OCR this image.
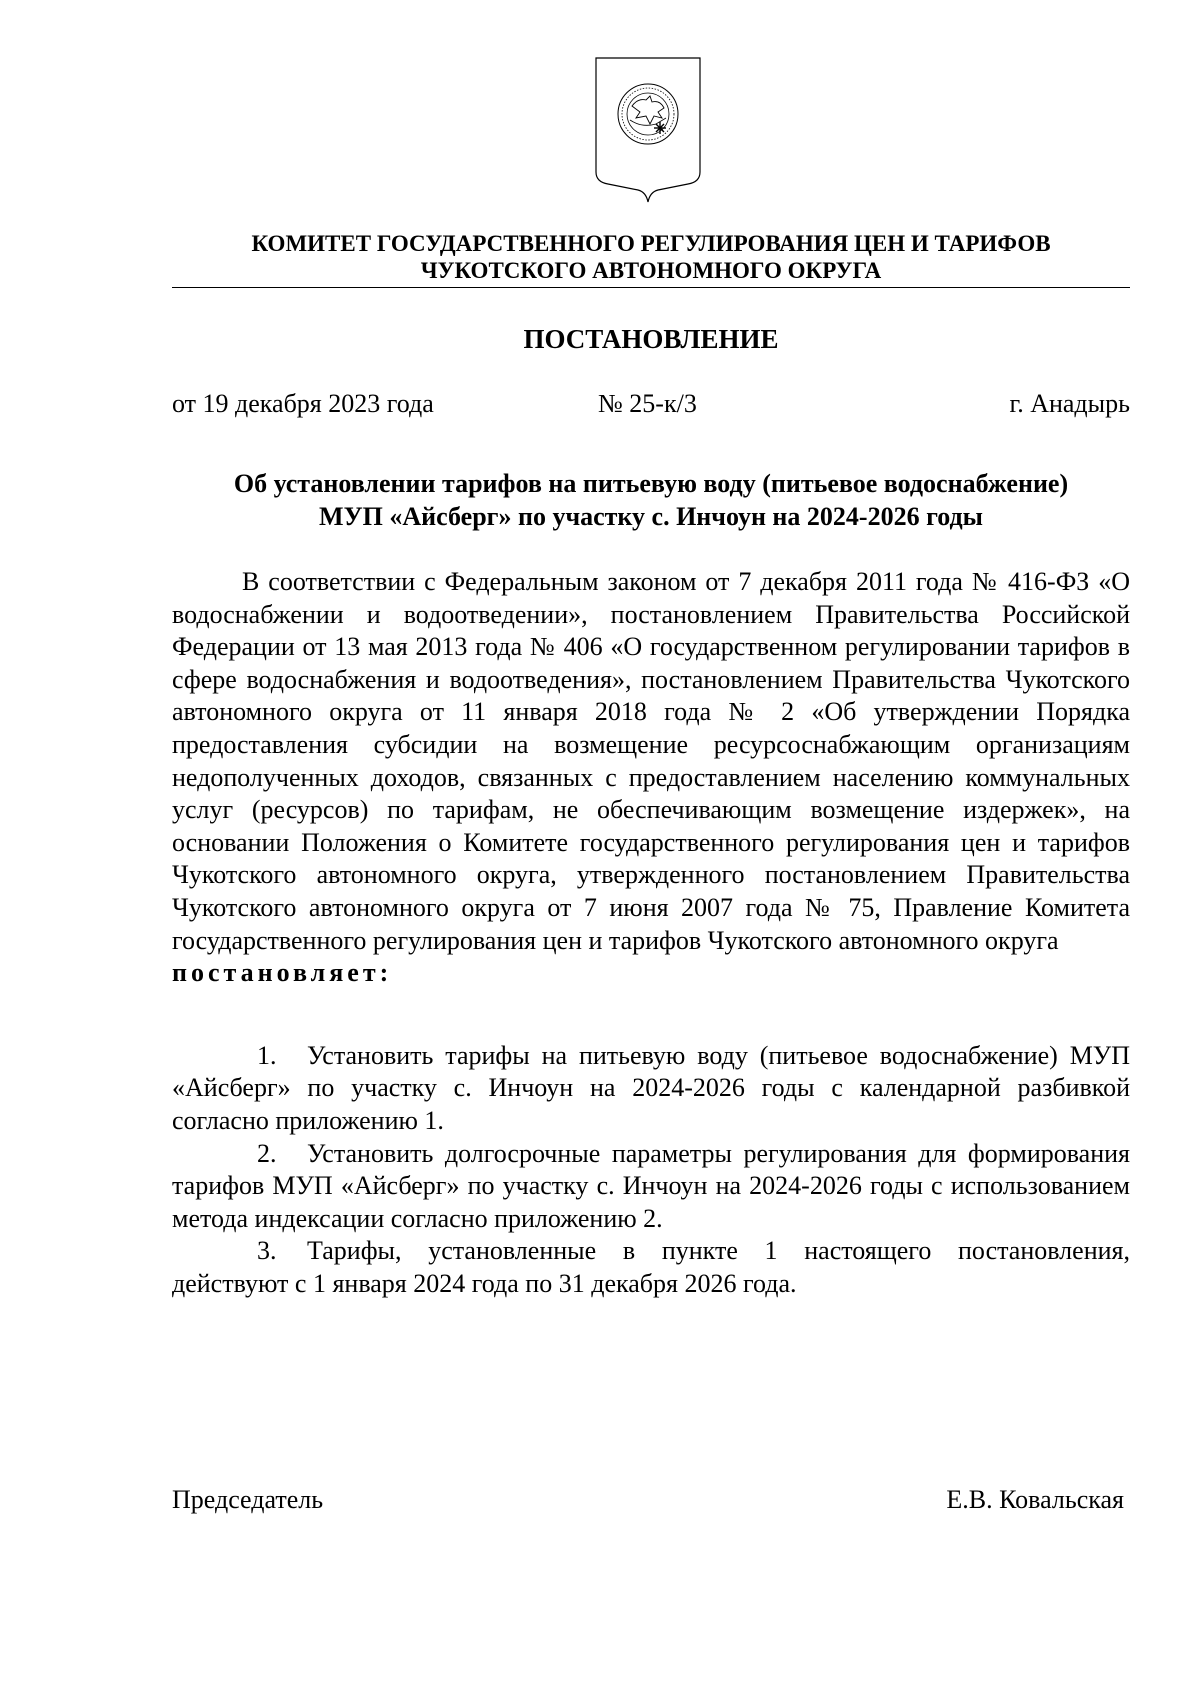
КОМИТЕТ ГОСУДАРСТВЕННОГО РЕГУЛИРОВАНИЯ ЦЕН И ТАРИФОВ
ЧУКОТСКОГО АВТОНОМНОГО ОКРУГА
ПОСТАНОВЛЕНИЕ
от 19 декабря 2023 года	№ 25-к/3	г. Анадырь
Об установлении тарифов на питьевую воду (питьевое водоснабжение)
МУП «Айсберг» по участку с. Инчоун на 2024-2026 годы

В соответствии с Федеральным законом от 7 декабря 2011 года № 416-ФЗ «О водоснабжении и водоотведении», постановлением Правительства Российской Федерации от 13 мая 2013 года № 406 «О государственном регулировании тарифов в сфере водоснабжения и водоотведения», постановлением Правительства Чукотского автономного округа от 11 января 2018 года № 2 «Об утверждении Порядка предоставления субсидии на возмещение ресурсоснабжающим организациям недополученных доходов, связанных с предоставлением населению коммунальных услуг (ресурсов) по тарифам, не обеспечивающим возмещение издержек», на основании Положения о Комитете государственного регулирования цен и тарифов Чукотского автономного округа, утвержденного постановлением Правительства Чукотского автономного округа от 7 июня 2007 года № 75, Правление Комитета государственного регулирования цен и тарифов Чукотского автономного округа

постановляет:

1. Установить тарифы на питьевую воду (питьевое водоснабжение) МУП «Айсберг» по участку с. Инчоун на 2024-2026 годы с календарной разбивкой согласно приложению 1.

2. Установить долгосрочные параметры регулирования для формирования тарифов МУП «Айсберг» по участку с. Инчоун на 2024-2026 годы с использованием метода индексации согласно приложению 2.

3. Тарифы, установленные в пункте 1 настоящего постановления, действуют с 1 января 2024 года по 31 декабря 2026 года.

Председатель	Е.В. Ковальская
